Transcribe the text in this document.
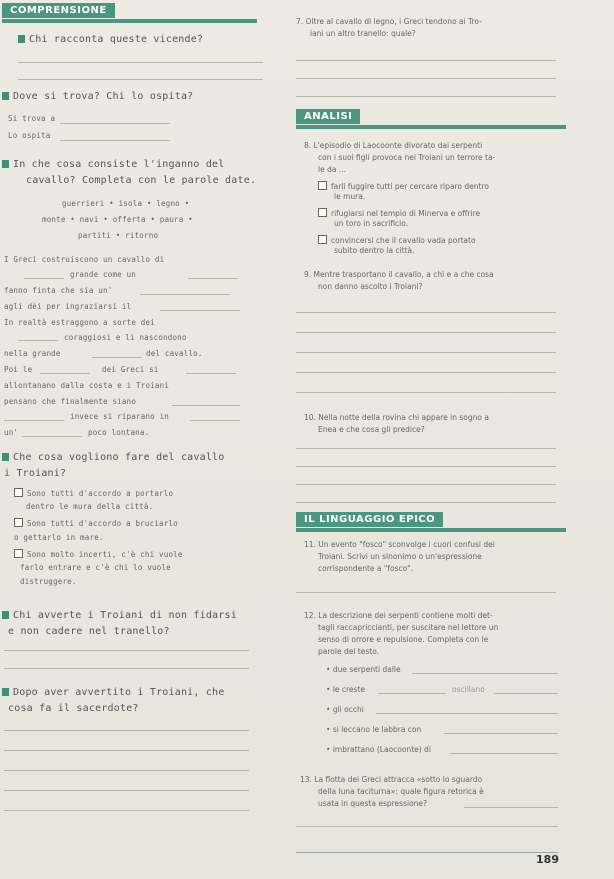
COMPRENSIONE
Chi racconta queste vicende?
Dove si trova? Chi lo ospita?
Si trova a
Lo ospita
In che cosa consiste l'inganno del
cavallo? Completa con le parole date.
guerrieri • isola • legno •
monte • navi • offerta • paura •
partiti • ritorno
I Greci costruiscono un cavallo di
grande come un
fanno finta che sia un'
agli dèi per ingraziarsi il
In realtà estraggono a sorte dei
coraggiosi e li nascondono
nella grande	del cavallo.
Poi le	dei Greci si
allontanano dalla costa e i Troiani
pensano che finalmente siano
invece si riparano in
un'	poco lontana.
Che cosa vogliono fare del cavallo
i Troiani?
Sono tutti d'accordo a portarlo
dentro le mura della città.
Sono tutti d'accordo a bruciarlo
o gettarlo in mare.
Sono molto incerti, c'è chi vuole
farlo entrare e c'è chi lo vuole
distruggere.
Chi avverte i Troiani di non fidarsi
e non cadere nel tranello?
Dopo aver avvertito i Troiani, che
cosa fa il sacerdote?
7. Oltre al cavallo di legno, i Greci tendono ai Tro-
iani un altro tranello: quale?
ANALISI
8. L'episodio di Laocoonte divorato dai serpenti
con i suoi figli provoca nei Troiani un terrore ta-
le da ...
farli fuggire tutti per cercare riparo dentro
le mura.
rifugiarsi nel tempio di Minerva e offrire
un toro in sacrificio.
convincersi che il cavallo vada portato
subito dentro la città.
9. Mentre trasportano il cavallo, a chi e a che cosa
non danno ascolto i Troiani?
10. Nella notte della rovina chi appare in sogno a
Enea e che cosa gli predice?
IL LINGUAGGIO EPICO
11. Un evento "fosco" sconvolge i cuori confusi dei
Troiani. Scrivi un sinonimo o un'espressione
corrispondente a "fosco".
12. La descrizione dei serpenti contiene molti det-
tagli raccapriccianti, per suscitare nel lettore un
senso di orrore e repulsione. Completa con le
parole del testo.
• due serpenti dalle
• le creste	oscillano
• gli occhi
• si leccano le labbra con
• imbrattano (Laocoonte) di
13. La flotta dei Greci attracca «sotto lo sguardo
della luna taciturna»: quale figura retorica è
usata in questa espressione?
189
